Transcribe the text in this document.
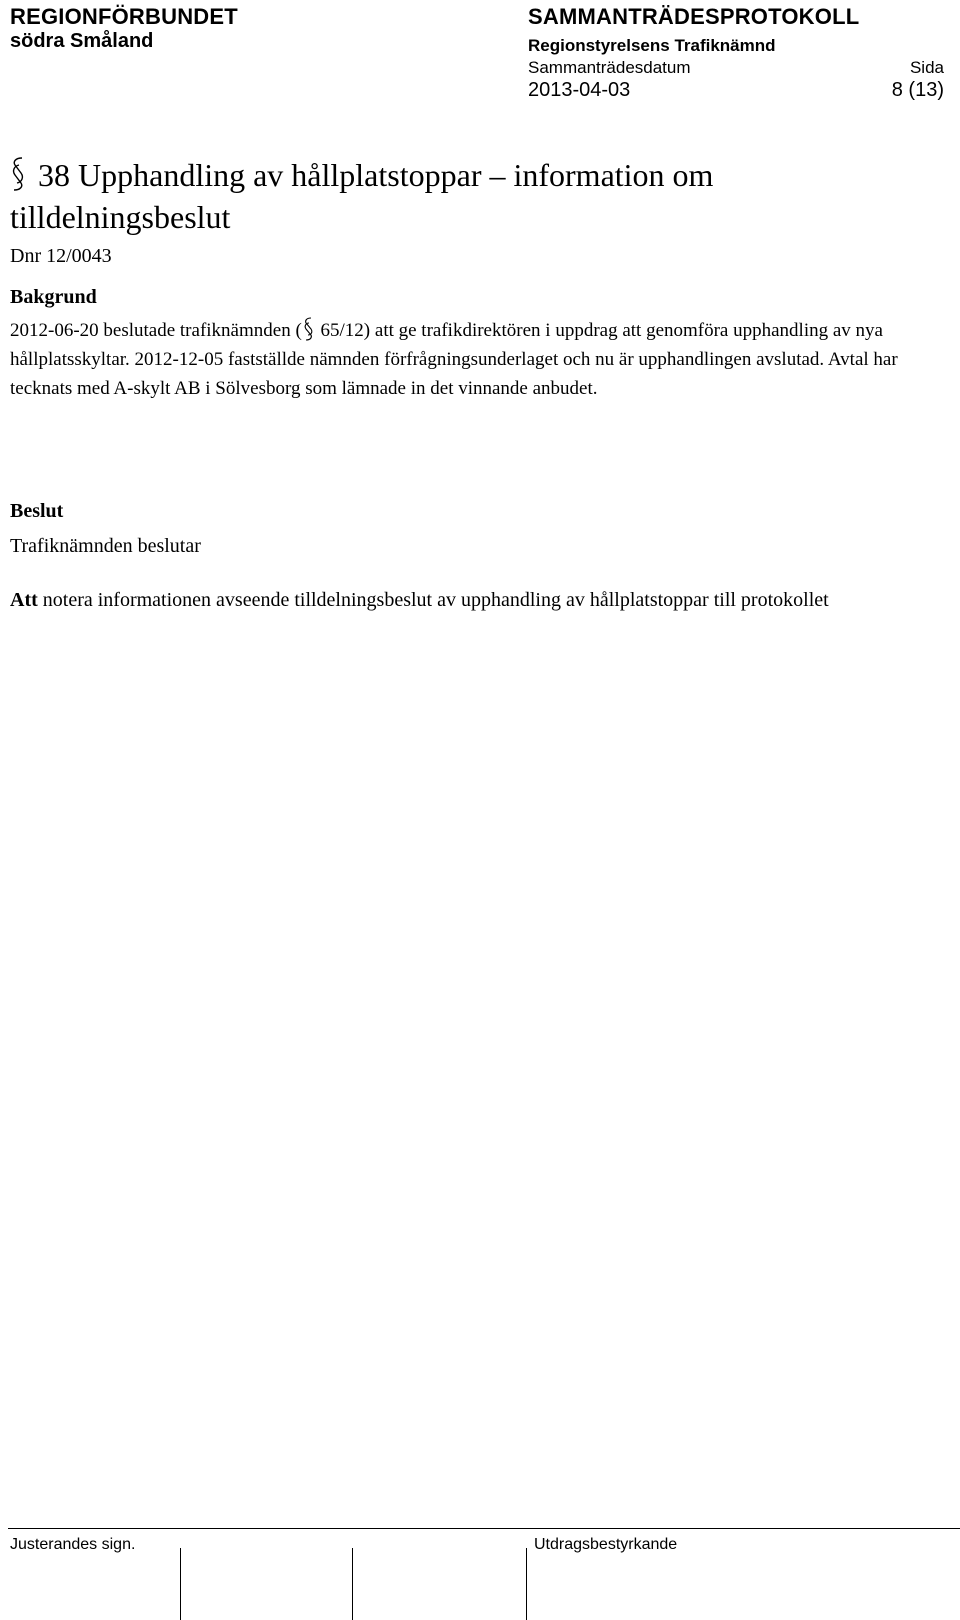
REGIONFÖRBUNDET
södra Småland
SAMMANTRÄDESPROTOKOLL
Regionstyrelsens Trafiknämnd
Sammanträdesdatum	Sida
2013-04-03	8 (13)
38 Upphandling av hållplatstoppar – information om tilldelningsbeslut
Dnr 12/0043
Bakgrund
2012-06-20 beslutade trafiknämnden ( 65/12) att ge trafikdirektören i uppdrag att genomföra upphandling av nya hållplatsskyltar. 2012-12-05 fastställde nämnden förfrågningsunderlaget och nu är upphandlingen avslutad. Avtal har tecknats med A-skylt AB i Sölvesborg som lämnade in det vinnande anbudet.
Beslut
Trafiknämnden beslutar
Att notera informationen avseende tilldelningsbeslut av upphandling av hållplatstoppar till protokollet
Justerandes sign.	Utdragsbestyrkande
